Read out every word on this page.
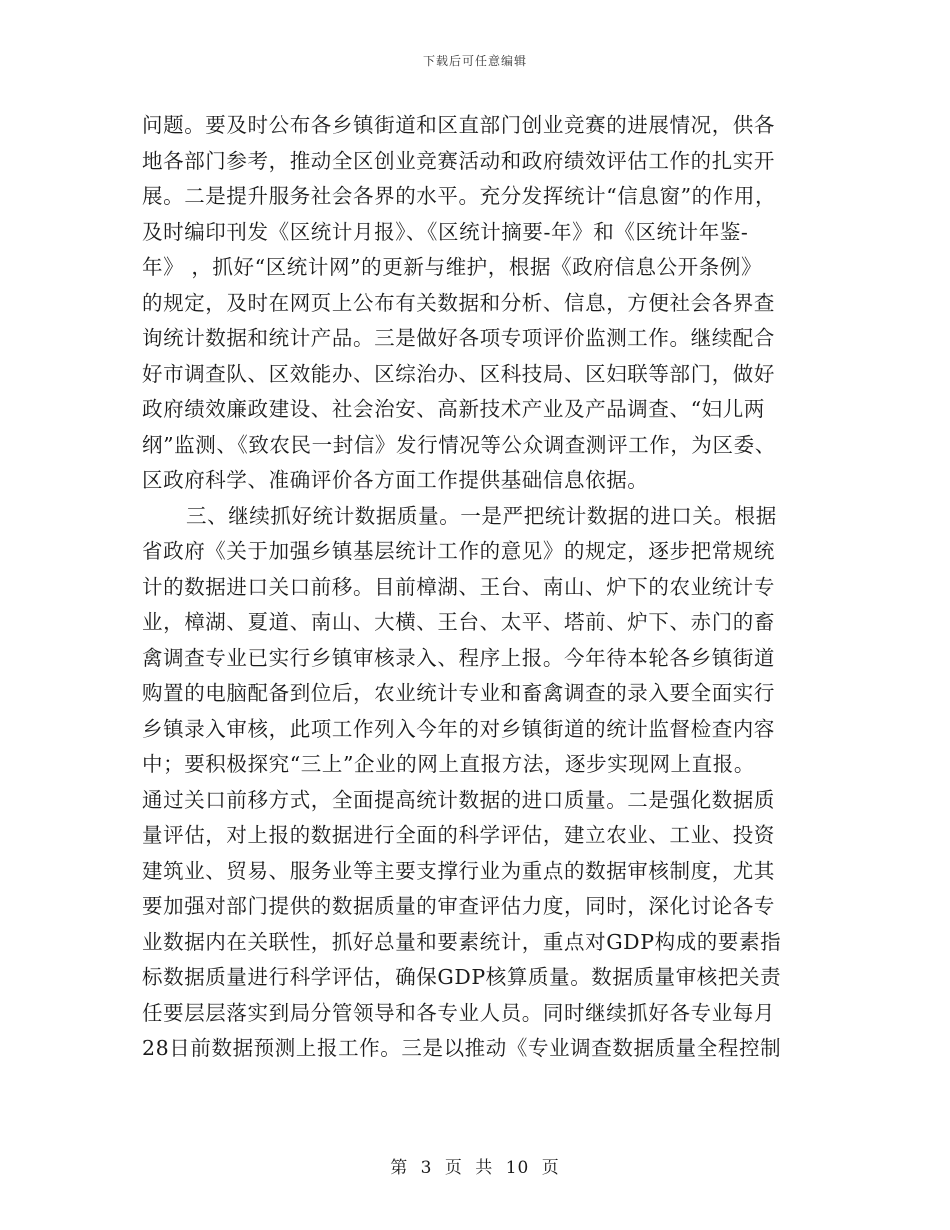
下载后可任意编辑
问题。要及时公布各乡镇街道和区直部门创业竞赛的进展情况，供各
地各部门参考，推动全区创业竞赛活动和政府绩效评估工作的扎实开
展。二是提升服务社会各界的水平。充分发挥统计“信息窗”的作用，
及时编印刊发《区统计月报》、《区统计摘要-年》和《区统计年鉴-
年》 ，抓好“区统计网”的更新与维护，根据《政府信息公开条例》
的规定，及时在网页上公布有关数据和分析、信息，方便社会各界查
询统计数据和统计产品。三是做好各项专项评价监测工作。继续配合
好市调查队、区效能办、区综治办、区科技局、区妇联等部门，做好
政府绩效廉政建设、社会治安、高新技术产业及产品调查、“妇儿两
纲”监测、《致农民一封信》发行情况等公众调查测评工作，为区委、
区政府科学、准确评价各方面工作提供基础信息依据。
三、继续抓好统计数据质量。一是严把统计数据的进口关。根据
省政府《关于加强乡镇基层统计工作的意见》的规定，逐步把常规统
计的数据进口关口前移。目前樟湖、王台、南山、炉下的农业统计专
业，樟湖、夏道、南山、大横、王台、太平、塔前、炉下、赤门的畜
禽调查专业已实行乡镇审核录入、程序上报。今年待本轮各乡镇街道
购置的电脑配备到位后，农业统计专业和畜禽调查的录入要全面实行
乡镇录入审核，此项工作列入今年的对乡镇街道的统计监督检查内容
中；要积极探究“三上”企业的网上直报方法，逐步实现网上直报。
通过关口前移方式，全面提高统计数据的进口质量。二是强化数据质
量评估，对上报的数据进行全面的科学评估，建立农业、工业、投资
建筑业、贸易、服务业等主要支撑行业为重点的数据审核制度，尤其
要加强对部门提供的数据质量的审查评估力度，同时，深化讨论各专
业数据内在关联性，抓好总量和要素统计，重点对GDP构成的要素指
标数据质量进行科学评估，确保GDP核算质量。数据质量审核把关责
任要层层落实到局分管领导和各专业人员。同时继续抓好各专业每月
28日前数据预测上报工作。三是以推动《专业调查数据质量全程控制
第 3 页 共 10 页
